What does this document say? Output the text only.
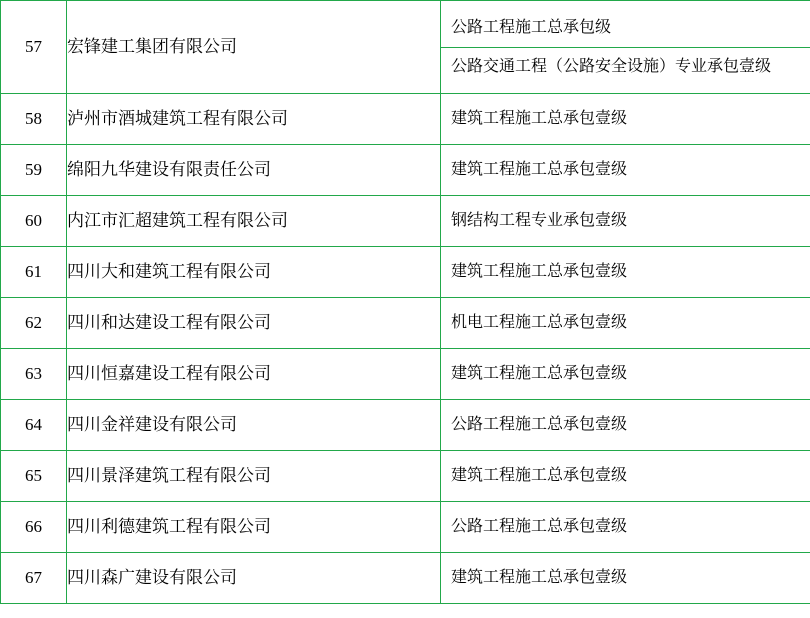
57	宏锋建工集团有限公司	公路工程施工总承包级
公路交通工程（公路安全设施）专业承包壹级

58	泸州市酒城建筑工程有限公司	建筑工程施工总承包壹级

59	绵阳九华建设有限责任公司	建筑工程施工总承包壹级

60	内江市汇超建筑工程有限公司	钢结构工程专业承包壹级

61	四川大和建筑工程有限公司	建筑工程施工总承包壹级

62	四川和达建设工程有限公司	机电工程施工总承包壹级

63	四川恒嘉建设工程有限公司	建筑工程施工总承包壹级

64	四川金祥建设有限公司	公路工程施工总承包壹级

65	四川景泽建筑工程有限公司	建筑工程施工总承包壹级

66	四川利德建筑工程有限公司	公路工程施工总承包壹级

67	四川森广建设有限公司	建筑工程施工总承包壹级
